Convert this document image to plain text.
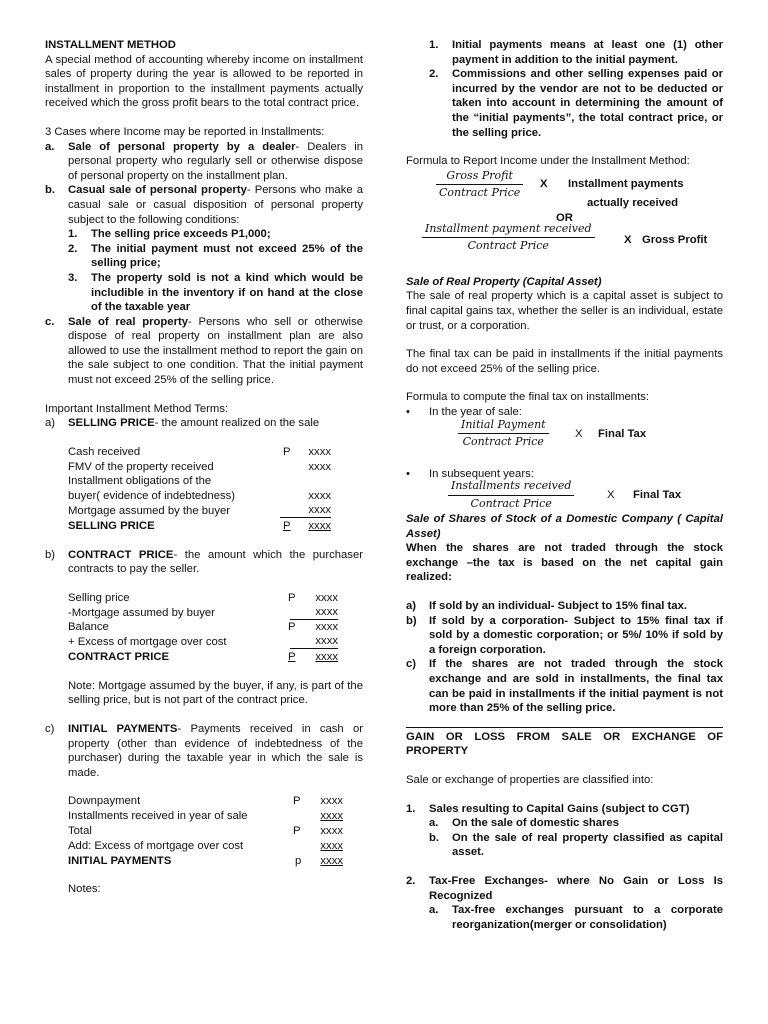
INSTALLMENT METHOD
A special method of accounting whereby income on installment sales of property during the year is allowed to be reported in installment in proportion to the installment payments actually received which the gross profit bears to the total contract price.
3 Cases where Income may be reported in Installments:
a.	Sale of personal property by a dealer- Dealers in personal property who regularly sell or otherwise dispose of personal property on the installment plan.
b.	Casual sale of personal property- Persons who make a casual sale or casual disposition of personal property subject to the following conditions:
1.	The selling price exceeds P1,000;
2.	The initial payment must not exceed 25% of the selling price;
3.	The property sold is not a kind which would be includible in the inventory if on hand at the close of the taxable year
c.	Sale of real property- Persons who sell or otherwise dispose of real property on installment plan are also allowed to use the installment method to report the gain on the sale subject to one condition. That the initial payment must not exceed 25% of the selling price.
Important Installment Method Terms:
a)	SELLING PRICE- the amount realized on the sale
Cash received	P	xxxx
FMV of the property received	xxxx
Installment obligations of the
buyer( evidence of indebtedness)	xxxx
Mortgage assumed by the buyer	xxxx
SELLING PRICE	P	xxxx
b)	CONTRACT PRICE- the amount which the purchaser contracts to pay the seller.
Selling price	P	xxxx
-Mortgage assumed by buyer	xxxx
Balance	P	xxxx
+ Excess of mortgage over cost	xxxx
CONTRACT PRICE	P	xxxx
Note: Mortgage assumed by the buyer, if any, is part of the selling price, but is not part of the contract price.
c)	INITIAL PAYMENTS- Payments received in cash or property (other than evidence of indebtedness of the purchaser) during the taxable year in which the sale is made.
Downpayment	P	xxxx
Installments received in year of sale	xxxx
Total	P	xxxx
Add: Excess of mortgage over cost	xxxx
INITIAL PAYMENTS	p	xxxx
Notes:
1.	Initial payments means at least one (1) other payment in addition to the initial payment.
2.	Commissions and other selling expenses paid or incurred by the vendor are not to be deducted or taken into account in determining the amount of the “initial payments”, the total contract price, or the selling price.
Formula to Report Income under the Installment Method:
Gross Profit
Contract Price
X Installment payments
actually received
OR
Installment payment received
Contract Price	X Gross Profit
Sale of Real Property (Capital Asset)
The sale of real property which is a capital asset is subject to final capital gains tax, whether the seller is an individual, estate or trust, or a corporation.
The final tax can be paid in installments if the initial payments do not exceed 25% of the selling price.
Formula to compute the final tax on installments:
•	In the year of sale:
Initial Payment
Contract Price
X Final Tax
•	In subsequent years:
Installments received
Contract Price
X Final Tax
Sale of Shares of Stock of a Domestic Company ( Capital Asset)
When the shares are not traded through the stock exchange –the tax is based on the net capital gain realized:
a)	If sold by an individual- Subject to 15% final tax.
b)	If sold by a corporation- Subject to 15% final tax if sold by a domestic corporation; or 5%/ 10% if sold by a foreign corporation.
c)	If the shares are not traded through the stock exchange and are sold in installments, the final tax can be paid in installments if the initial payment is not more than 25% of the selling price.
GAIN OR LOSS FROM SALE OR EXCHANGE OF PROPERTY
Sale or exchange of properties are classified into:
1.	Sales resulting to Capital Gains (subject to CGT)
a.	On the sale of domestic shares
b.	On the sale of real property classified as capital asset.
2.	Tax-Free Exchanges- where No Gain or Loss Is Recognized
a.	Tax-free exchanges pursuant to a corporate reorganization(merger or consolidation)
